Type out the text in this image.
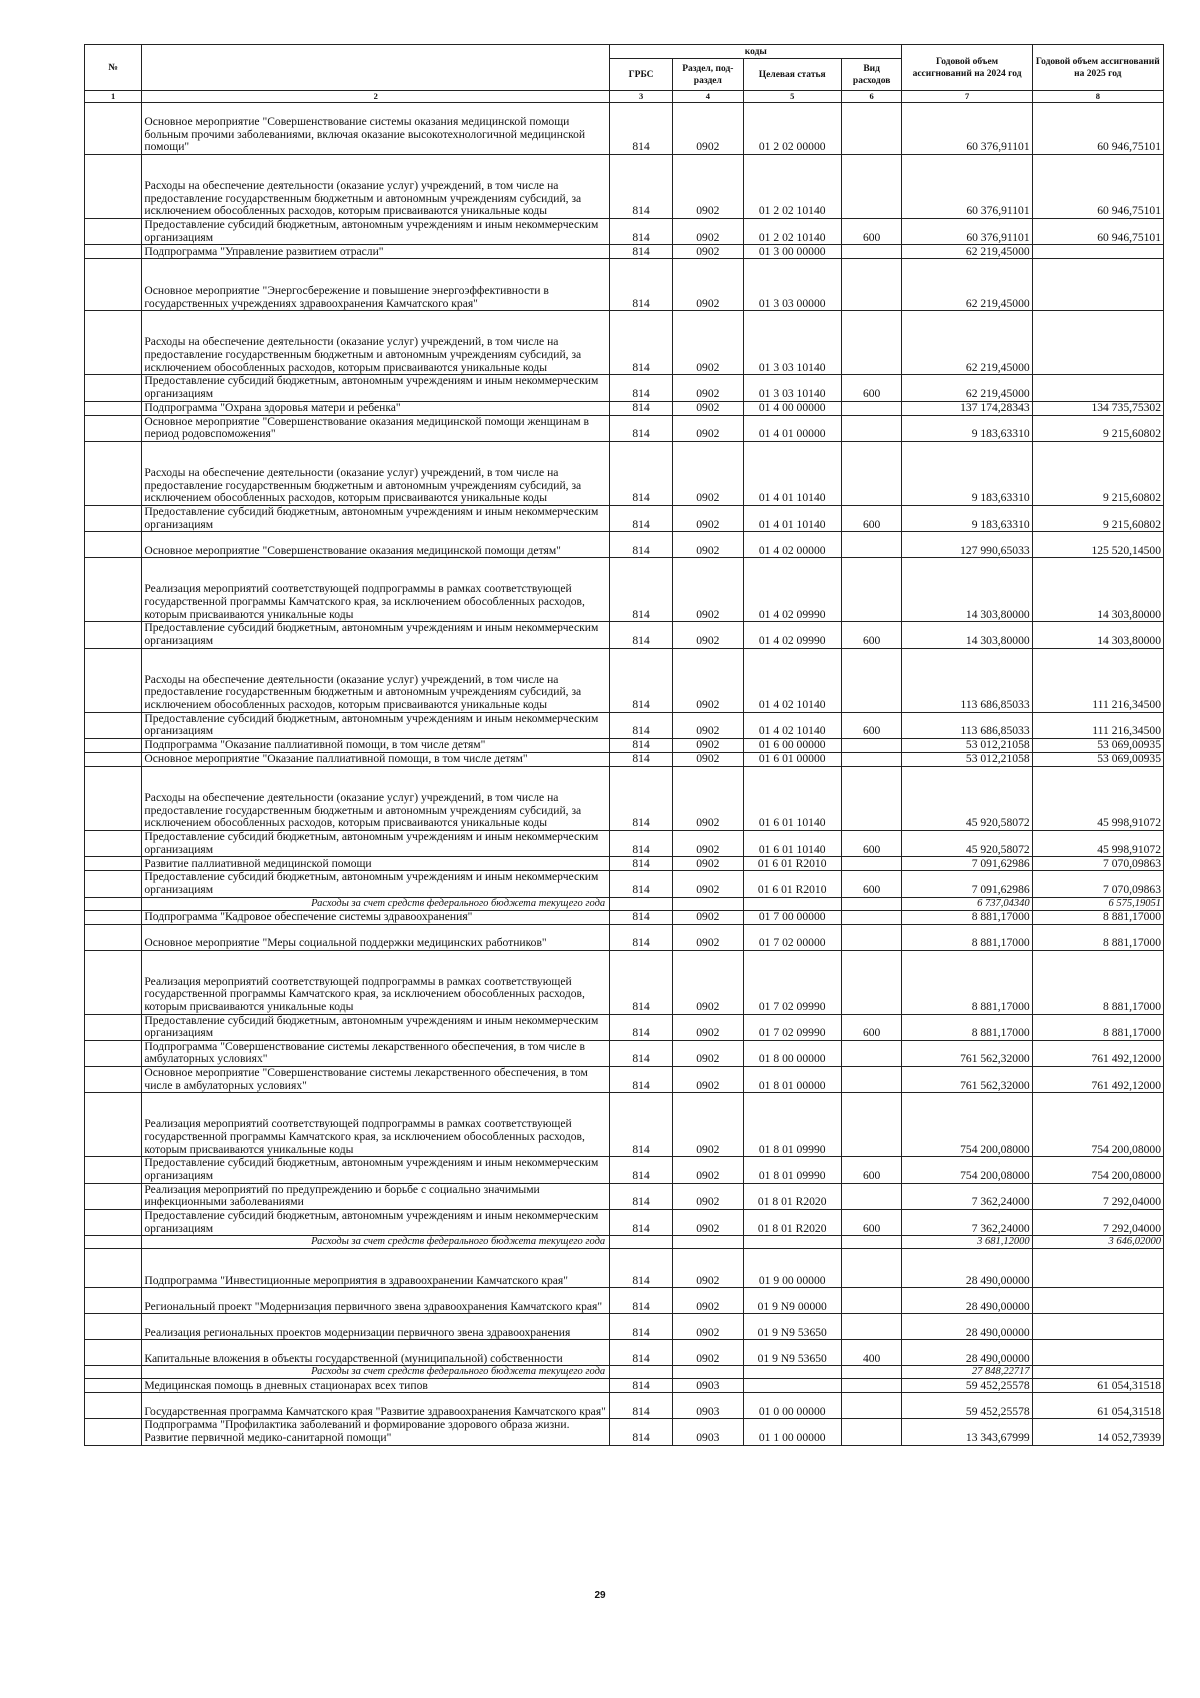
№		коды				Годовой объем ассигнований на 2024 год	Годовой объем ассигнований на 2025 год
		ГРБС	Раздел, под-раздел	Целевая статья	Вид расходов		
1	2	3	4	5	6	7	8
	Основное мероприятие "Совершенствование системы оказания медицинской помощи больным прочими заболеваниями, включая оказание высокотехнологичной медицинской помощи"	814	0902	01 2 02 00000		60 376,91101	60 946,75101
	Расходы на обеспечение деятельности (оказание услуг) учреждений, в том числе на предоставление государственным бюджетным и автономным учреждениям субсидий, за исключением обособленных расходов, которым присваиваются уникальные коды	814	0902	01 2 02 10140		60 376,91101	60 946,75101
	Предоставление субсидий бюджетным, автономным учреждениям и иным некоммерческим организациям	814	0902	01 2 02 10140	600	60 376,91101	60 946,75101
	Подпрограмма "Управление развитием отрасли"	814	0902	01 3 00 00000		62 219,45000	
	Основное мероприятие "Энергосбережение и повышение энергоэффективности в государственных учреждениях здравоохранения Камчатского края"	814	0902	01 3 03 00000		62 219,45000	
	Расходы на обеспечение деятельности (оказание услуг) учреждений, в том числе на предоставление государственным бюджетным и автономным учреждениям субсидий, за исключением обособленных расходов, которым присваиваются уникальные коды	814	0902	01 3 03 10140		62 219,45000	
	Предоставление субсидий бюджетным, автономным учреждениям и иным некоммерческим организациям	814	0902	01 3 03 10140	600	62 219,45000	
	Подпрограмма "Охрана здоровья матери и ребенка"	814	0902	01 4 00 00000		137 174,28343	134 735,75302
	Основное мероприятие "Совершенствование оказания медицинской помощи женщинам в период родовспоможения"	814	0902	01 4 01 00000		9 183,63310	9 215,60802
	Расходы на обеспечение деятельности (оказание услуг) учреждений, в том числе на предоставление государственным бюджетным и автономным учреждениям субсидий, за исключением обособленных расходов, которым присваиваются уникальные коды	814	0902	01 4 01 10140		9 183,63310	9 215,60802
	Предоставление субсидий бюджетным, автономным учреждениям и иным некоммерческим организациям	814	0902	01 4 01 10140	600	9 183,63310	9 215,60802
	Основное мероприятие "Совершенствование оказания медицинской помощи детям"	814	0902	01 4 02 00000		127 990,65033	125 520,14500
	Реализация мероприятий соответствующей подпрограммы в рамках соответствующей государственной программы Камчатского края, за исключением обособленных расходов, которым присваиваются уникальные коды	814	0902	01 4 02 09990		14 303,80000	14 303,80000
	Предоставление субсидий бюджетным, автономным учреждениям и иным некоммерческим организациям	814	0902	01 4 02 09990	600	14 303,80000	14 303,80000
	Расходы на обеспечение деятельности (оказание услуг) учреждений, в том числе на предоставление государственным бюджетным и автономным учреждениям субсидий, за исключением обособленных расходов, которым присваиваются уникальные коды	814	0902	01 4 02 10140		113 686,85033	111 216,34500
	Предоставление субсидий бюджетным, автономным учреждениям и иным некоммерческим организациям	814	0902	01 4 02 10140	600	113 686,85033	111 216,34500
	Подпрограмма "Оказание паллиативной помощи, в том числе детям"	814	0902	01 6 00 00000		53 012,21058	53 069,00935
	Основное мероприятие "Оказание паллиативной помощи, в том числе детям"	814	0902	01 6 01 00000		53 012,21058	53 069,00935
	Расходы на обеспечение деятельности (оказание услуг) учреждений, в том числе на предоставление государственным бюджетным и автономным учреждениям субсидий, за исключением обособленных расходов, которым присваиваются уникальные коды	814	0902	01 6 01 10140		45 920,58072	45 998,91072
	Предоставление субсидий бюджетным, автономным учреждениям и иным некоммерческим организациям	814	0902	01 6 01 10140	600	45 920,58072	45 998,91072
	Развитие паллиативной медицинской помощи	814	0902	01 6 01 R2010		7 091,62986	7 070,09863
	Предоставление субсидий бюджетным, автономным учреждениям и иным некоммерческим организациям	814	0902	01 6 01 R2010	600	7 091,62986	7 070,09863
	Расходы за счет средств федерального бюджета текущего года					6 737,04340	6 575,19051
	Подпрограмма "Кадровое обеспечение системы здравоохранения"	814	0902	01 7 00 00000		8 881,17000	8 881,17000
	Основное мероприятие "Меры социальной поддержки медицинских работников"	814	0902	01 7 02 00000		8 881,17000	8 881,17000
	Реализация мероприятий соответствующей подпрограммы в рамках соответствующей государственной программы Камчатского края, за исключением обособленных расходов, которым присваиваются уникальные коды	814	0902	01 7 02 09990		8 881,17000	8 881,17000
	Предоставление субсидий бюджетным, автономным учреждениям и иным некоммерческим организациям	814	0902	01 7 02 09990	600	8 881,17000	8 881,17000
	Подпрограмма "Совершенствование системы лекарственного обеспечения, в том числе в амбулаторных условиях"	814	0902	01 8 00 00000		761 562,32000	761 492,12000
	Основное мероприятие "Совершенствование системы лекарственного обеспечения, в том числе в амбулаторных условиях"	814	0902	01 8 01 00000		761 562,32000	761 492,12000
	Реализация мероприятий соответствующей подпрограммы в рамках соответствующей государственной программы Камчатского края, за исключением обособленных расходов, которым присваиваются уникальные коды	814	0902	01 8 01 09990		754 200,08000	754 200,08000
	Предоставление субсидий бюджетным, автономным учреждениям и иным некоммерческим организациям	814	0902	01 8 01 09990	600	754 200,08000	754 200,08000
	Реализация мероприятий по предупреждению и борьбе с социально значимыми инфекционными заболеваниями	814	0902	01 8 01 R2020		7 362,24000	7 292,04000
	Предоставление субсидий бюджетным, автономным учреждениям и иным некоммерческим организациям	814	0902	01 8 01 R2020	600	7 362,24000	7 292,04000
	Расходы за счет средств федерального бюджета текущего года					3 681,12000	3 646,02000
	Подпрограмма "Инвестиционные мероприятия в здравоохранении Камчатского края"	814	0902	01 9 00 00000		28 490,00000	
	Региональный проект "Модернизация первичного звена здравоохранения Камчатского края"	814	0902	01 9 N9 00000		28 490,00000	
	Реализация региональных проектов модернизации первичного звена здравоохранения	814	0902	01 9 N9 53650		28 490,00000	
	Капитальные вложения в объекты государственной (муниципальной) собственности	814	0902	01 9 N9 53650	400	28 490,00000	
	Расходы за счет средств федерального бюджета текущего года					27 848,22717	
	Медицинская помощь в дневных стационарах всех типов	814	0903			59 452,25578	61 054,31518
	Государственная программа Камчатского края "Развитие здравоохранения Камчатского края"	814	0903	01 0 00 00000		59 452,25578	61 054,31518
	Подпрограмма "Профилактика заболеваний и формирование здорового образа жизни. Развитие первичной медико-санитарной помощи"	814	0903	01 1 00 00000		13 343,67999	14 052,73939
29
